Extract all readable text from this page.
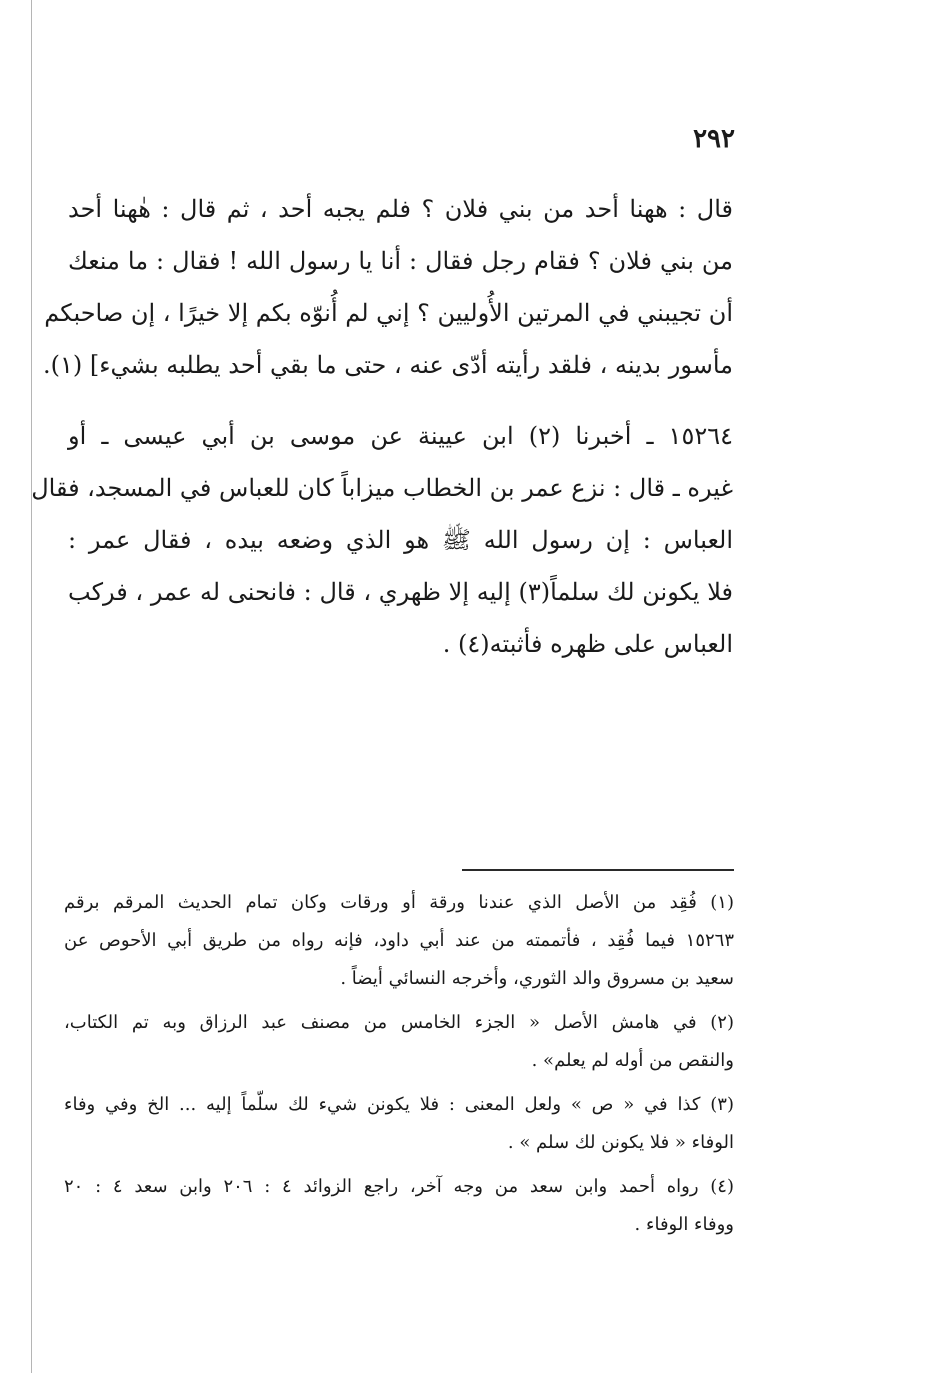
٢٩٢
قال : ههنا أحد من بني فلان ؟ فلم يجبه أحد ، ثم قال : هٰهنا أحد
من بني فلان ؟ فقام رجل فقال : أنا يا رسول الله ! فقال : ما منعك
أن تجيبني في المرتين الأُوليين ؟ إني لم أُنوّه بكم إلا خيرًا ، إن صاحبكم
مأسور بدينه ، فلقد رأيته أدّى عنه ، حتى ما بقي أحد يطلبه بشيء] (١).
١٥٢٦٤ ـ أخبرنا (٢) ابن عيينة عن موسى بن أبي عيسى ـ أو
غيره ـ قال : نزع عمر بن الخطاب ميزاباً كان للعباس في المسجد، فقال
العباس : إن رسول الله ﷺ هو الذي وضعه بيده ، فقال عمر :
فلا يكونن لك سلماً(٣) إليه إلا ظهري ، قال : فانحنى له عمر ، فركب
العباس على ظهره فأثبته(٤) .
(١) فُقِد من الأصل الذي عندنا ورقة أو ورقات وكان تمام الحديث المرقم برقم
١٥٢٦٣ فيما فُقِد ، فأتممته من عند أبي داود، فإنه رواه من طريق أبي الأحوص عن
سعيد بن مسروق والد الثوري، وأخرجه النسائي أيضاً .
(٢) في هامش الأصل « الجزء الخامس من مصنف عبد الرزاق وبه تم الكتاب،
والنقص من أوله لم يعلم» .
(٣) كذا في « ص » ولعل المعنى : فلا يكونن شيء لك سلّماً إليه ... الخ وفي وفاء
الوفاء « فلا يكونن لك سلم » .
(٤) رواه أحمد وابن سعد من وجه آخر، راجع الزوائد ٤ : ٢٠٦ وابن سعد ٤ : ٢٠
ووفاء الوفاء .
